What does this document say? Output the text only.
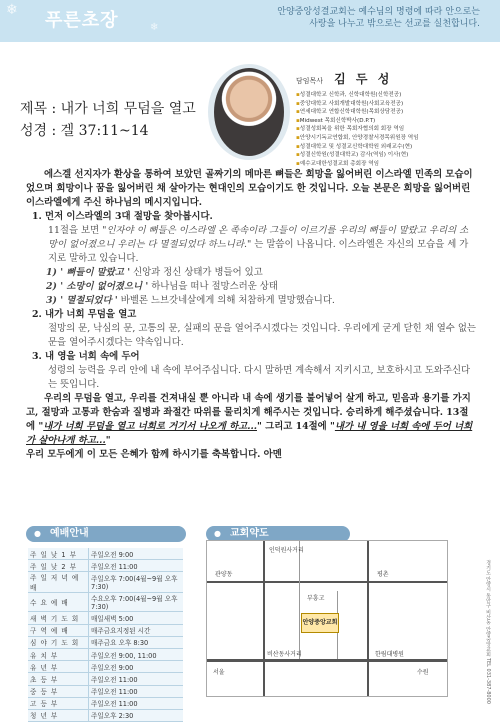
❄ 푸른초장	❄
안양중앙성결교회는 예수님의 명령에 따라 안으로는
사랑을 나누고 밖으로는 선교를 실천합니다.
제목 : 내가 너희 무덤을 열고
성경 : 겔 37:11~14
담임목사 김 두 성
▪ 성결대학교 신학과, 신학대학원(신학전공)
▪ 중앙대학교 사회개발대학원(사회교육전공)
▪ 연세대학교 연합신학대학원(목회상담전공)
▪ Midwest 목회신학박사(D.P.T)
▪ 성결성회복을 위한 목회자협의회 회장 역임
▪ 안양시기독교연합회, 안양경찰서경목위원장 역임
▪ 성결대학교 및 성결교신학대학원 외래교수(현)
▪ 성결신학원(성결대학교) 감사(역임) 이사(현)
▪ 예수교대한성결교회 총회장 역임

에스겔 선지자가 환상을 통하여 보았던 골짜기의 메마른 뼈들은 희망을 잃어버린 이스라엘 민족의 모습이었으며 희망이나 꿈을 잃어버린 채 살아가는 현대인의 모습이기도 한 것입니다. 오늘 본문은 희망을 잃어버린 이스라엘에게 주신 하나님의 메시지입니다.

1. 먼저 이스라엘의 3대 절망을 찾아봅시다.

11절을 보면 "인자야 이 뼈들은 이스라엘 온 족속이라 그들이 이르기를 우리의 뼈들이 말랐고 우리의 소망이 없어졌으니 우리는 다 멸절되었다 하느니라." 는 말씀이 나옵니다. 이스라엘은 자신의 모습을 세 가지로 말하고 있습니다.

1) ' 뼈들이 말랐고 ' 신앙과 정신 상태가 병들어 있고

2) ' 소망이 없어졌으니 ' 하나님을 떠나 절망스러운 상태

3) ' 멸절되었다 ' 바벨론 느브갓네살에게 의해 처참하게 멸망했습니다.

2. 내가 너희 무덤을 열고

절망의 문, 낙심의 문, 고통의 문, 실패의 문을 열어주시겠다는 것입니다. 우리에게 굳게 닫힌 채 열수 없는 문을 열어주시겠다는 약속입니다.

3. 내 영을 너희 속에 두어

성령의 능력을 우리 안에 내 속에 부어주십니다. 다시 말하면 계속해서 지키시고, 보호하시고 도와주신다는 뜻입니다.

우리의 무덤을 열고, 우리를 건져내실 뿐 아니라 내 속에 생기를 불어넣어 살게 하고, 믿음과 용기를 가지고, 절망과 고통과 한숨과 질병과 좌절간 따위를 물리치게 해주시는 것입니다. 승리하게 해주셨습니다. 13절에 "내가 너희 무덤을 열고 너희로 거기서 나오게 하고..." 그리고 14절에 "내가 내 영을 너희 속에 두어 너희가 살아나게 하고..."

우리 모두에게 이 모든 은혜가 함께 하시기를 축복합니다. 아멘

● 예배안내
주 일 낮 1 부	주일오전 9:00
주 일 낮 2 부	주일오전 11:00
주 일 저 녁 예 배	주일오후 7:00(4월~9월 오후 7:30)
수 요 예 배	수요오후 7:00(4월~9월 오후 7:30)
새 벽 기 도 회	매일새벽 5:00
구 역 예 배	매주금요지정된 시간
심 야 기 도 회	매주금요 오후 8:30
유 치 부	주일오전 9:00, 11:00
유 년 부	주일오전 9:00
초 등 부	주일오전 11:00
중 등 부	주일오전 11:00
고 등 부	주일오전 11:00
청 년 부	주일오후 2:30
● 교회약도
인덕원사거리
관양동	평촌
부흥고
안양중앙교회
비산동사거리	한림대병원
서울	수원	경기도 안양시 동안구 비산동 안양중앙교회 TEL 031-387-8000
